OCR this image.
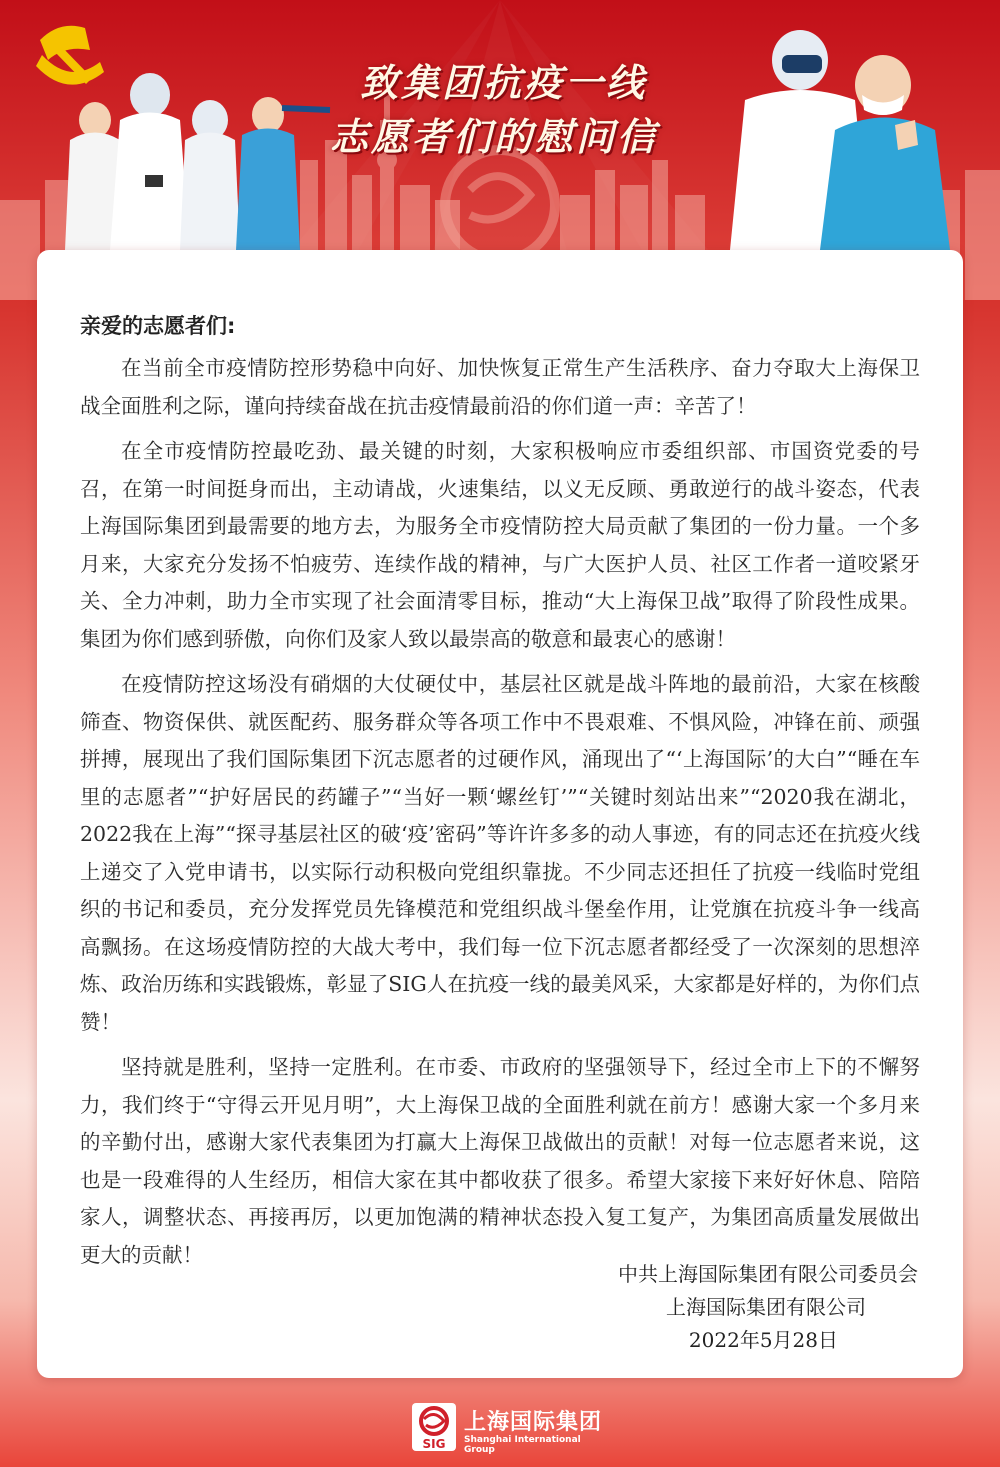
致集团抗疫一线
志愿者们的慰问信
亲爱的志愿者们:

在当前全市疫情防控形势稳中向好、加快恢复正常生产生活秩序、奋力夺取大上海保卫战全面胜利之际，谨向持续奋战在抗击疫情最前沿的你们道一声：辛苦了！

在全市疫情防控最吃劲、最关键的时刻，大家积极响应市委组织部、市国资党委的号召，在第一时间挺身而出，主动请战，火速集结，以义无反顾、勇敢逆行的战斗姿态，代表上海国际集团到最需要的地方去，为服务全市疫情防控大局贡献了集团的一份力量。一个多月来，大家充分发扬不怕疲劳、连续作战的精神，与广大医护人员、社区工作者一道咬紧牙关、全力冲刺，助力全市实现了社会面清零目标，推动“大上海保卫战”取得了阶段性成果。集团为你们感到骄傲，向你们及家人致以最崇高的敬意和最衷心的感谢！

在疫情防控这场没有硝烟的大仗硬仗中，基层社区就是战斗阵地的最前沿，大家在核酸筛查、物资保供、就医配药、服务群众等各项工作中不畏艰难、不惧风险，冲锋在前、顽强拼搏，展现出了我们国际集团下沉志愿者的过硬作风，涌现出了“‘上海国际’的大白”“睡在车里的志愿者”“护好居民的药罐子”“当好一颗‘螺丝钉’”“关键时刻站出来”“2020我在湖北，2022我在上海”“探寻基层社区的破‘疫’密码”等许许多多的动人事迹，有的同志还在抗疫火线上递交了入党申请书，以实际行动积极向党组织靠拢。不少同志还担任了抗疫一线临时党组织的书记和委员，充分发挥党员先锋模范和党组织战斗堡垒作用，让党旗在抗疫斗争一线高高飘扬。在这场疫情防控的大战大考中，我们每一位下沉志愿者都经受了一次深刻的思想淬炼、政治历练和实践锻炼，彰显了SIG人在抗疫一线的最美风采，大家都是好样的，为你们点赞！

坚持就是胜利，坚持一定胜利。在市委、市政府的坚强领导下，经过全市上下的不懈努力，我们终于“守得云开见月明”，大上海保卫战的全面胜利就在前方！感谢大家一个多月来的辛勤付出，感谢大家代表集团为打赢大上海保卫战做出的贡献！对每一位志愿者来说，这也是一段难得的人生经历，相信大家在其中都收获了很多。希望大家接下来好好休息、陪陪家人，调整状态、再接再厉，以更加饱满的精神状态投入复工复产，为集团高质量发展做出更大的贡献！

中共上海国际集团有限公司委员会
上海国际集团有限公司
2022年5月28日
SIG
上海国际集团
Shanghai International Group
